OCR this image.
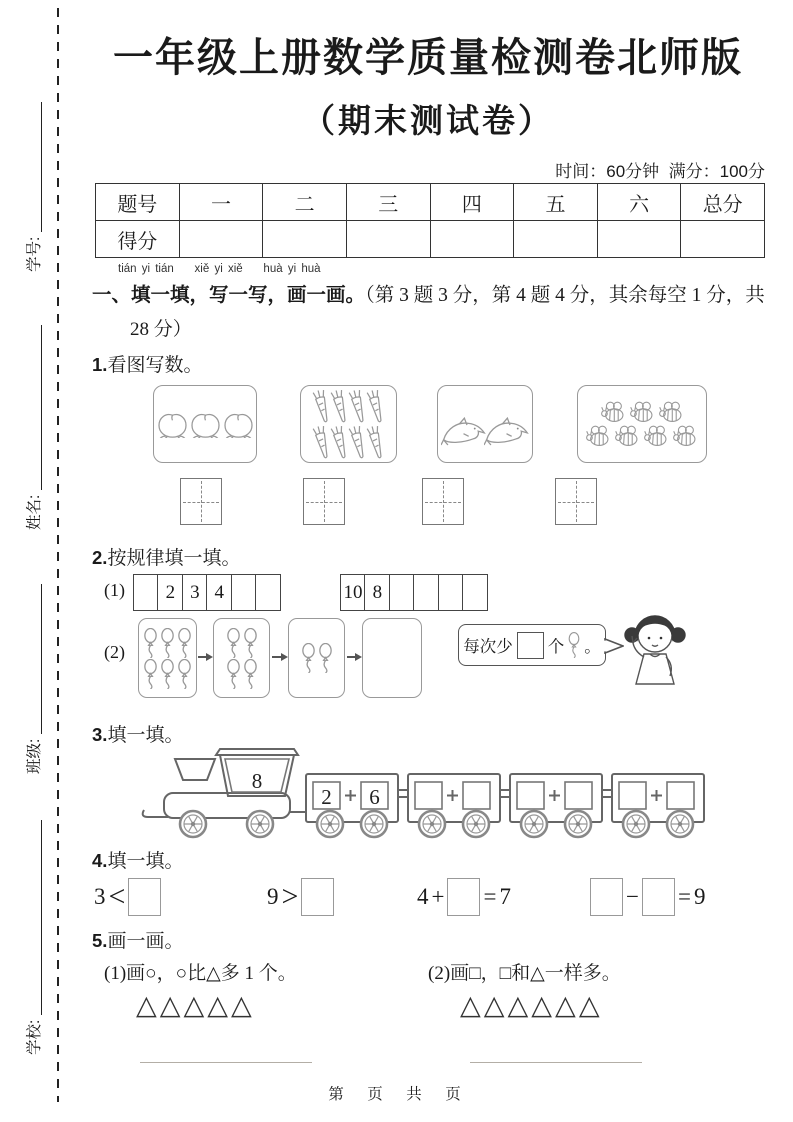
学号:
姓名:
班级:
学校:
一年级上册数学质量检测卷北师版
（期末测试卷）
时间：60分钟  满分：100分
题号	一	二	三	四	五	六	总分
得分							
tián yi tián    xiě yi xiě    huà yi huà
一、填一填，写一写，画一画。（第 3 题 3 分，第 4 题 4 分，其余每空 1 分，共
28 分）
1.看图写数。
2.按规律填一填。
(1)	2 3 4	10 8
(2)	每次少 个 。
3.填一填。
8
2 6
4.填一填。
3 <	9 >	4 + = 7	− = 9
5.画一画。
(1)画○，○比△多 1 个。	(2)画□，□和△一样多。
△△△△△	△△△△△△
第　页　共　页
